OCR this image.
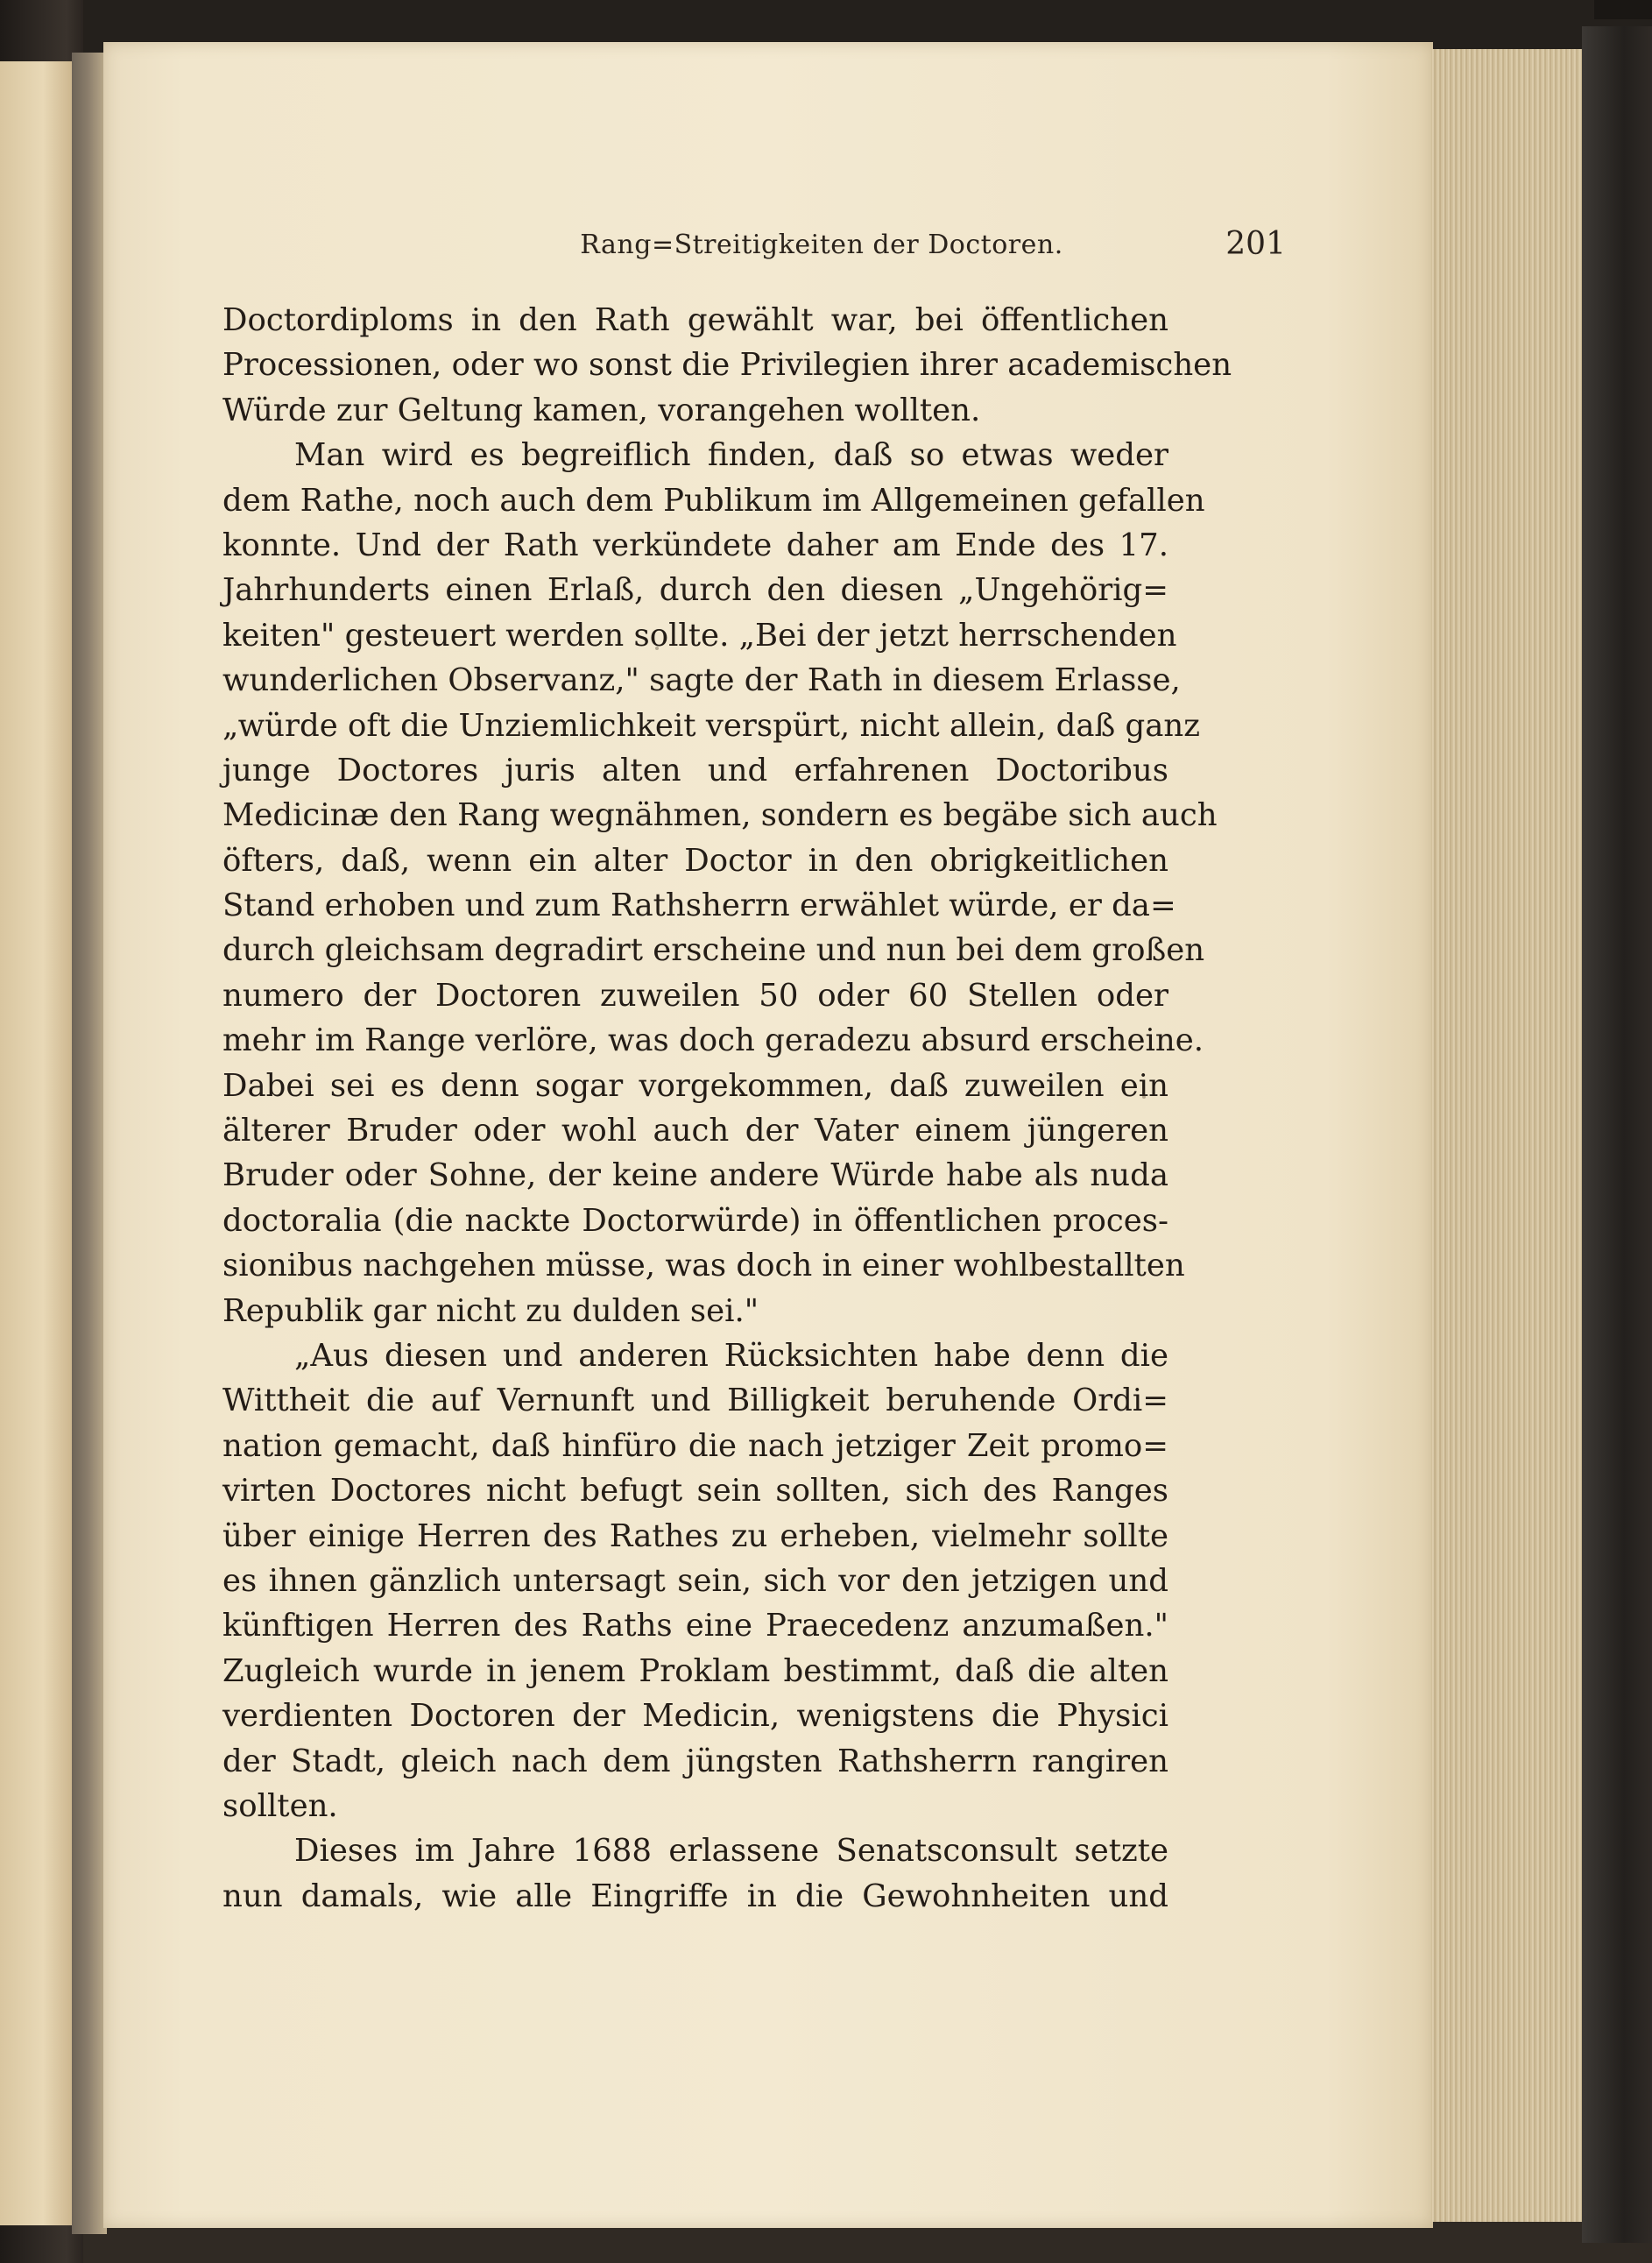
Rang=Streitigkeiten der Doctoren.	201
Doctordiploms in den Rath gewählt war, bei öffentlichen
Processionen, oder wo sonst die Privilegien ihrer academischen
Würde zur Geltung kamen, vorangehen wollten.
Man wird es begreiflich finden, daß so etwas weder
dem Rathe, noch auch dem Publikum im Allgemeinen gefallen
konnte. Und der Rath verkündete daher am Ende des 17.
Jahrhunderts einen Erlaß, durch den diesen „Ungehörig=
keiten" gesteuert werden sollte. „Bei der jetzt herrschenden
wunderlichen Observanz," sagte der Rath in diesem Erlasse,
„würde oft die Unziemlichkeit verspürt, nicht allein, daß ganz
junge Doctores juris alten und erfahrenen Doctoribus
Medicinæ den Rang wegnähmen, sondern es begäbe sich auch
öfters, daß, wenn ein alter Doctor in den obrigkeitlichen
Stand erhoben und zum Rathsherrn erwählet würde, er da=
durch gleichsam degradirt erscheine und nun bei dem großen
numero der Doctoren zuweilen 50 oder 60 Stellen oder
mehr im Range verlöre, was doch geradezu absurd erscheine.
Dabei sei es denn sogar vorgekommen, daß zuweilen ein
älterer Bruder oder wohl auch der Vater einem jüngeren
Bruder oder Sohne, der keine andere Würde habe als nuda
doctoralia (die nackte Doctorwürde) in öffentlichen proces-
sionibus nachgehen müsse, was doch in einer wohlbestallten
Republik gar nicht zu dulden sei."
„Aus diesen und anderen Rücksichten habe denn die
Wittheit die auf Vernunft und Billigkeit beruhende Ordi=
nation gemacht, daß hinfüro die nach jetziger Zeit promo=
virten Doctores nicht befugt sein sollten, sich des Ranges
über einige Herren des Rathes zu erheben, vielmehr sollte
es ihnen gänzlich untersagt sein, sich vor den jetzigen und
künftigen Herren des Raths eine Praecedenz anzumaßen."
Zugleich wurde in jenem Proklam bestimmt, daß die alten
verdienten Doctoren der Medicin, wenigstens die Physici
der Stadt, gleich nach dem jüngsten Rathsherrn rangiren
sollten.
Dieses im Jahre 1688 erlassene Senatsconsult setzte
nun damals, wie alle Eingriffe in die Gewohnheiten und
